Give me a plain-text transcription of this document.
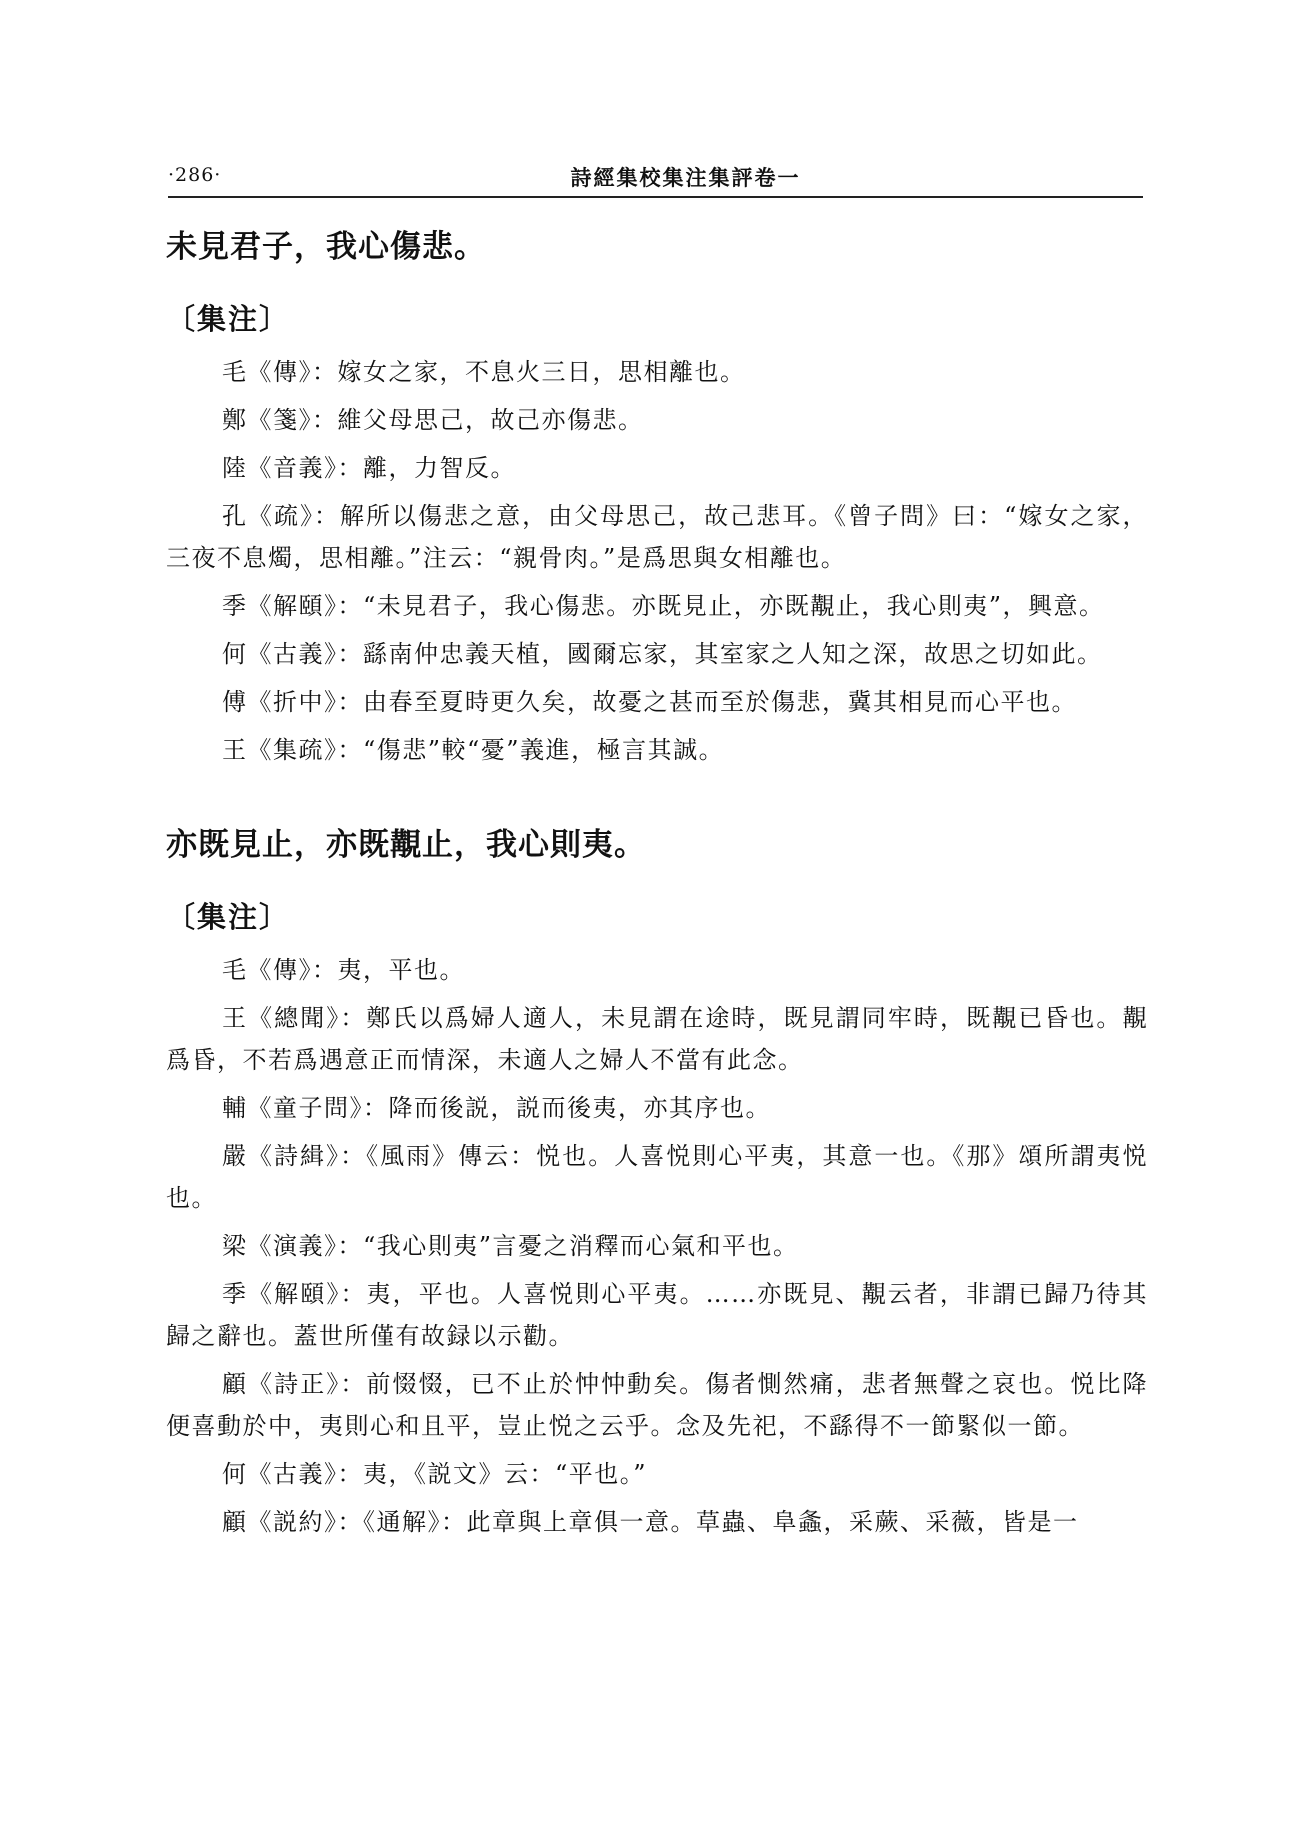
·286·	詩經集校集注集評卷一

未見君子，我心傷悲。

〔集注〕

毛《傳》：嫁女之家，不息火三日，思相離也。

鄭《箋》：維父母思己，故己亦傷悲。

陸《音義》：離，力智反。

孔《疏》：解所以傷悲之意，由父母思己，故己悲耳。《曾子問》曰：“嫁女之家，三夜不息燭，思相離。”注云：“親骨肉。”是爲思與女相離也。

季《解頤》：“未見君子，我心傷悲。亦既見止，亦既覯止，我心則夷”，興意。

何《古義》：繇南仲忠義天植，國爾忘家，其室家之人知之深，故思之切如此。

傅《折中》：由春至夏時更久矣，故憂之甚而至於傷悲，冀其相見而心平也。

王《集疏》：“傷悲”較“憂”義進，極言其誠。

亦既見止，亦既覯止，我心則夷。

〔集注〕

毛《傳》：夷，平也。

王《總聞》：鄭氏以爲婦人適人，未見謂在途時，既見謂同牢時，既覯已昏也。覯爲昏，不若爲遇意正而情深，未適人之婦人不當有此念。

輔《童子問》：降而後説，説而後夷，亦其序也。

嚴《詩緝》：《風雨》傳云：悦也。人喜悦則心平夷，其意一也。《那》頌所謂夷悦也。

梁《演義》：“我心則夷”言憂之消釋而心氣和平也。

季《解頤》：夷，平也。人喜悦則心平夷。……亦既見、覯云者，非謂已歸乃待其歸之辭也。蓋世所僅有故録以示勸。

顧《詩正》：前惙惙，已不止於忡忡動矣。傷者惻然痛，悲者無聲之哀也。悦比降便喜動於中，夷則心和且平，豈止悦之云乎。念及先祀，不繇得不一節緊似一節。

何《古義》：夷，《説文》云：“平也。”

顧《説約》：《通解》：此章與上章俱一意。草蟲、阜螽，采蕨、采薇，皆是一
